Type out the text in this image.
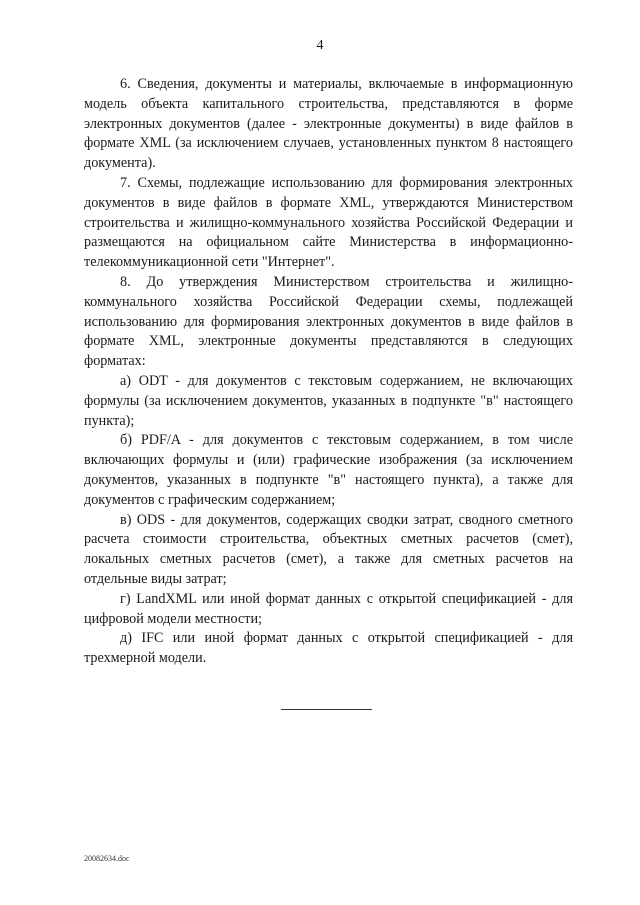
4

6. Сведения, документы и материалы, включаемые в информационную модель объекта капитального строительства, представляются в форме электронных документов (далее - электронные документы) в виде файлов в формате XML (за исключением случаев, установленных пунктом 8 настоящего документа).

7. Схемы, подлежащие использованию для формирования электронных документов в виде файлов в формате XML, утверждаются Министерством строительства и жилищно-коммунального хозяйства Российской Федерации и размещаются на официальном сайте Министерства в информационно-телекоммуникационной сети "Интернет".

8. До утверждения Министерством строительства и жилищно-коммунального хозяйства Российской Федерации схемы, подлежащей использованию для формирования электронных документов в виде файлов в формате XML, электронные документы представляются в следующих форматах:

а) ODT - для документов с текстовым содержанием, не включающих формулы (за исключением документов, указанных в подпункте "в" настоящего пункта);

б) PDF/A - для документов с текстовым содержанием, в том числе включающих формулы и (или) графические изображения (за исключением документов, указанных в подпункте "в" настоящего пункта), а также для документов с графическим содержанием;

в) ODS - для документов, содержащих сводки затрат, сводного сметного расчета стоимости строительства, объектных сметных расчетов (смет), локальных сметных расчетов (смет), а также для сметных расчетов на отдельные виды затрат;

г) LandXML или иной формат данных с открытой спецификацией - для цифровой модели местности;

д) IFC или иной формат данных с открытой спецификацией - для трехмерной модели.

20082634.doc
